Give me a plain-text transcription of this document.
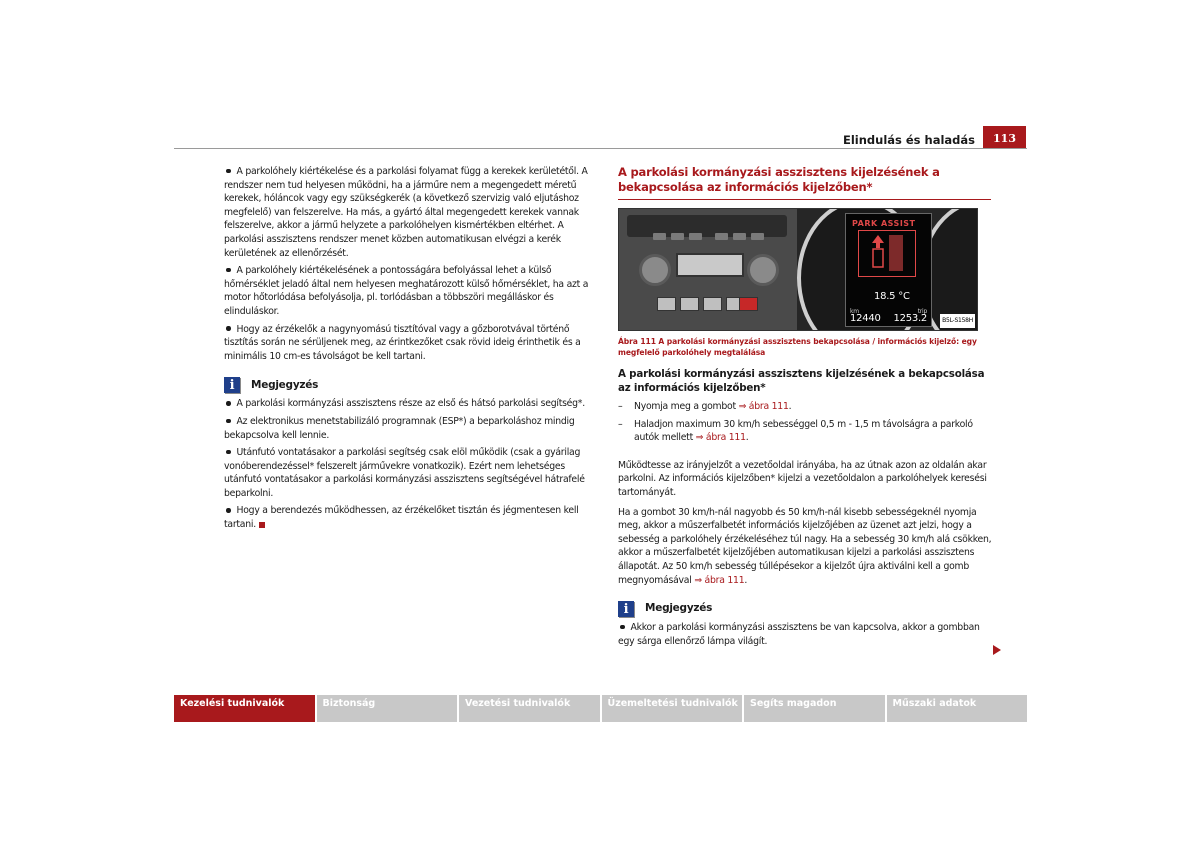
Elindulás és haladás	113

A parkolóhely kiértékelése és a parkolási folyamat függ a kerekek kerületétől. A rendszer nem tud helyesen működni, ha a járműre nem a megengedett méretű kerekek, hóláncok vagy egy szükségkerék (a következő szervizig való eljutáshoz megfelelő) van felszerelve. Ha más, a gyártó által megengedett kerekek vannak felszerelve, akkor a jármű helyzete a parkolóhelyen kismértékben eltérhet. A parkolási asszisztens rendszer menet közben automatikusan elvégzi a kerék kerületének az ellenőrzését.

A parkolóhely kiértékelésének a pontosságára befolyással lehet a külső hőmérséklet jeladó által nem helyesen meghatározott külső hőmérséklet, ha azt a motor hőtorlódása befolyásolja, pl. torlódásban a többszöri megálláskor és elinduláskor.

Hogy az érzékelők a nagynyomású tisztítóval vagy a gőzborotvával történő tisztítás során ne sérüljenek meg, az érintkezőket csak rövid ideig érinthetik és a minimális 10 cm-es távolságot be kell tartani.

i	Megjegyzés

A parkolási kormányzási asszisztens része az első és hátsó parkolási segítség*.

Az elektronikus menetstabilizáló programnak (ESP*) a beparkoláshoz mindig bekapcsolva kell lennie.

Utánfutó vontatásakor a parkolási segítség csak elöl működik (csak a gyárilag vonóberendezéssel* felszerelt járművekre vonatkozik). Ezért nem lehetséges utánfutó vontatásakor a parkolási kormányzási asszisztens segítségével hátrafelé beparkolni.

Hogy a berendezés működhessen, az érzékelőket tisztán és jégmentesen kell tartani.

A parkolási kormányzási asszisztens kijelzésének a bekapcsolása az információs kijelzőben*
PARK ASSIST
18.5 °C
km	trip
12440 1253.2	B5L-S158H
Ábra 111 A parkolási kormányzási asszisztens bekapcsolása / információs kijelző: egy megfelelő parkolóhely megtalálása
A parkolási kormányzási asszisztens kijelzésének a bekapcsolása az információs kijelzőben*
–	Nyomja meg a gombot ⇒ ábra 111.
–	Haladjon maximum 30 km/h sebességgel 0,5 m - 1,5 m távolságra a parkoló autók mellett ⇒ ábra 111.

Működtesse az irányjelzőt a vezetőoldal irányába, ha az útnak azon az oldalán akar parkolni. Az információs kijelzőben* kijelzi a vezetőoldalon a parkolóhelyek keresési tartományát.

Ha a gombot 30 km/h-nál nagyobb és 50 km/h-nál kisebb sebességeknél nyomja meg, akkor a műszerfalbetét információs kijelzőjében az üzenet azt jelzi, hogy a sebesség a parkolóhely érzékeléséhez túl nagy. Ha a sebesség 30 km/h alá csökken, akkor a műszerfalbetét kijelzőjében automatikusan kijelzi a parkolási asszisztens állapotát. Az 50 km/h sebesség túllépésekor a kijelzőt újra aktiválni kell a gomb megnyomásával ⇒ ábra 111.

i	Megjegyzés

Akkor a parkolási kormányzási asszisztens be van kapcsolva, akkor a gombban egy sárga ellenőrző lámpa világít.

Kezelési tudnivalók	Biztonság	Vezetési tudnivalók	Üzemeltetési tudnivalók	Segíts magadon	Műszaki adatok
